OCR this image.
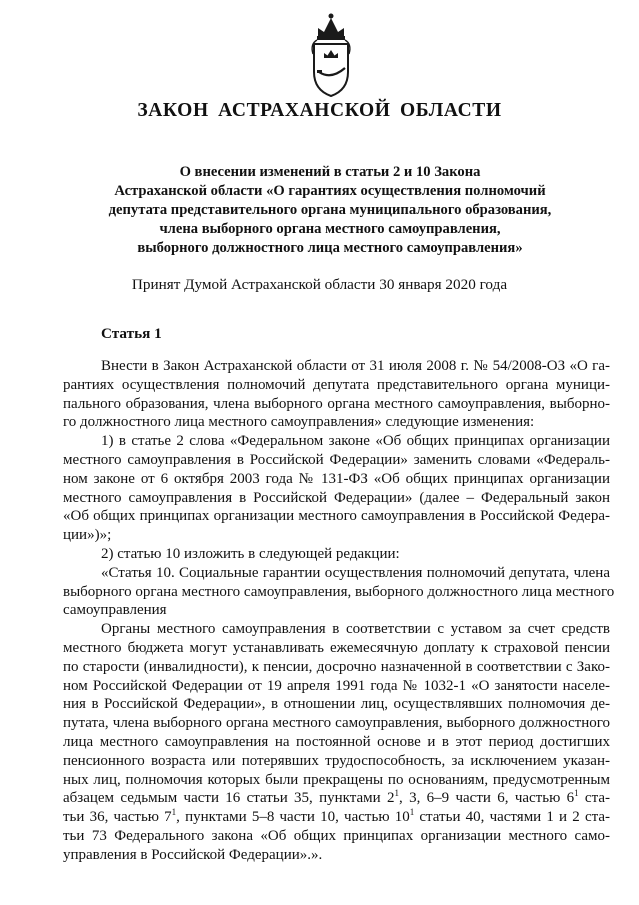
ЗАКОН АСТРАХАНСКОЙ ОБЛАСТИ
О внесении изменений в статьи 2 и 10 Закона
Астраханской области «О гарантиях осуществления полномочий
депутата представительного органа муниципального образования,
члена выборного органа местного самоуправления,
выборного должностного лица местного самоуправления»
Принят Думой Астраханской области 30 января 2020 года
Статья 1
Внести в Закон Астраханской области от 31 июля 2008 г. № 54/2008-ОЗ «О га-
рантиях осуществления полномочий депутата представительного органа муници-
пального образования, члена выборного органа местного самоуправления, выборно-
го должностного лица местного самоуправления» следующие изменения:
1) в статье 2 слова «Федеральном законе «Об общих принципах организации
местного самоуправления в Российской Федерации» заменить словами «Федераль-
ном законе от 6 октября 2003 года № 131-ФЗ «Об общих принципах организации
местного самоуправления в Российской Федерации» (далее – Федеральный закон
«Об общих принципах организации местного самоуправления в Российской Федера-
ции»)»;
2) статью 10 изложить в следующей редакции:
«Статья 10. Социальные гарантии осуществления полномочий депутата, члена
выборного органа местного самоуправления, выборного должностного лица местного
самоуправления
Органы местного самоуправления в соответствии с уставом за счет средств
местного бюджета могут устанавливать ежемесячную доплату к страховой пенсии
по старости (инвалидности), к пенсии, досрочно назначенной в соответствии с Зако-
ном Российской Федерации от 19 апреля 1991 года № 1032-1 «О занятости населе-
ния в Российской Федерации», в отношении лиц, осуществлявших полномочия де-
путата, члена выборного органа местного самоуправления, выборного должностного
лица местного самоуправления на постоянной основе и в этот период достигших
пенсионного возраста или потерявших трудоспособность, за исключением указан-
ных лиц, полномочия которых были прекращены по основаниям, предусмотренным
абзацем седьмым части 16 статьи 35, пунктами $2^1$, 3, 6–9 части 6, частью $6^1$ ста-
тьи 36, частью $7^1$, пунктами 5–8 части 10, частью $10^1$ статьи 40, частями 1 и 2 ста-
тьи 73 Федерального закона «Об общих принципах организации местного само-
управления в Российской Федерации».».
